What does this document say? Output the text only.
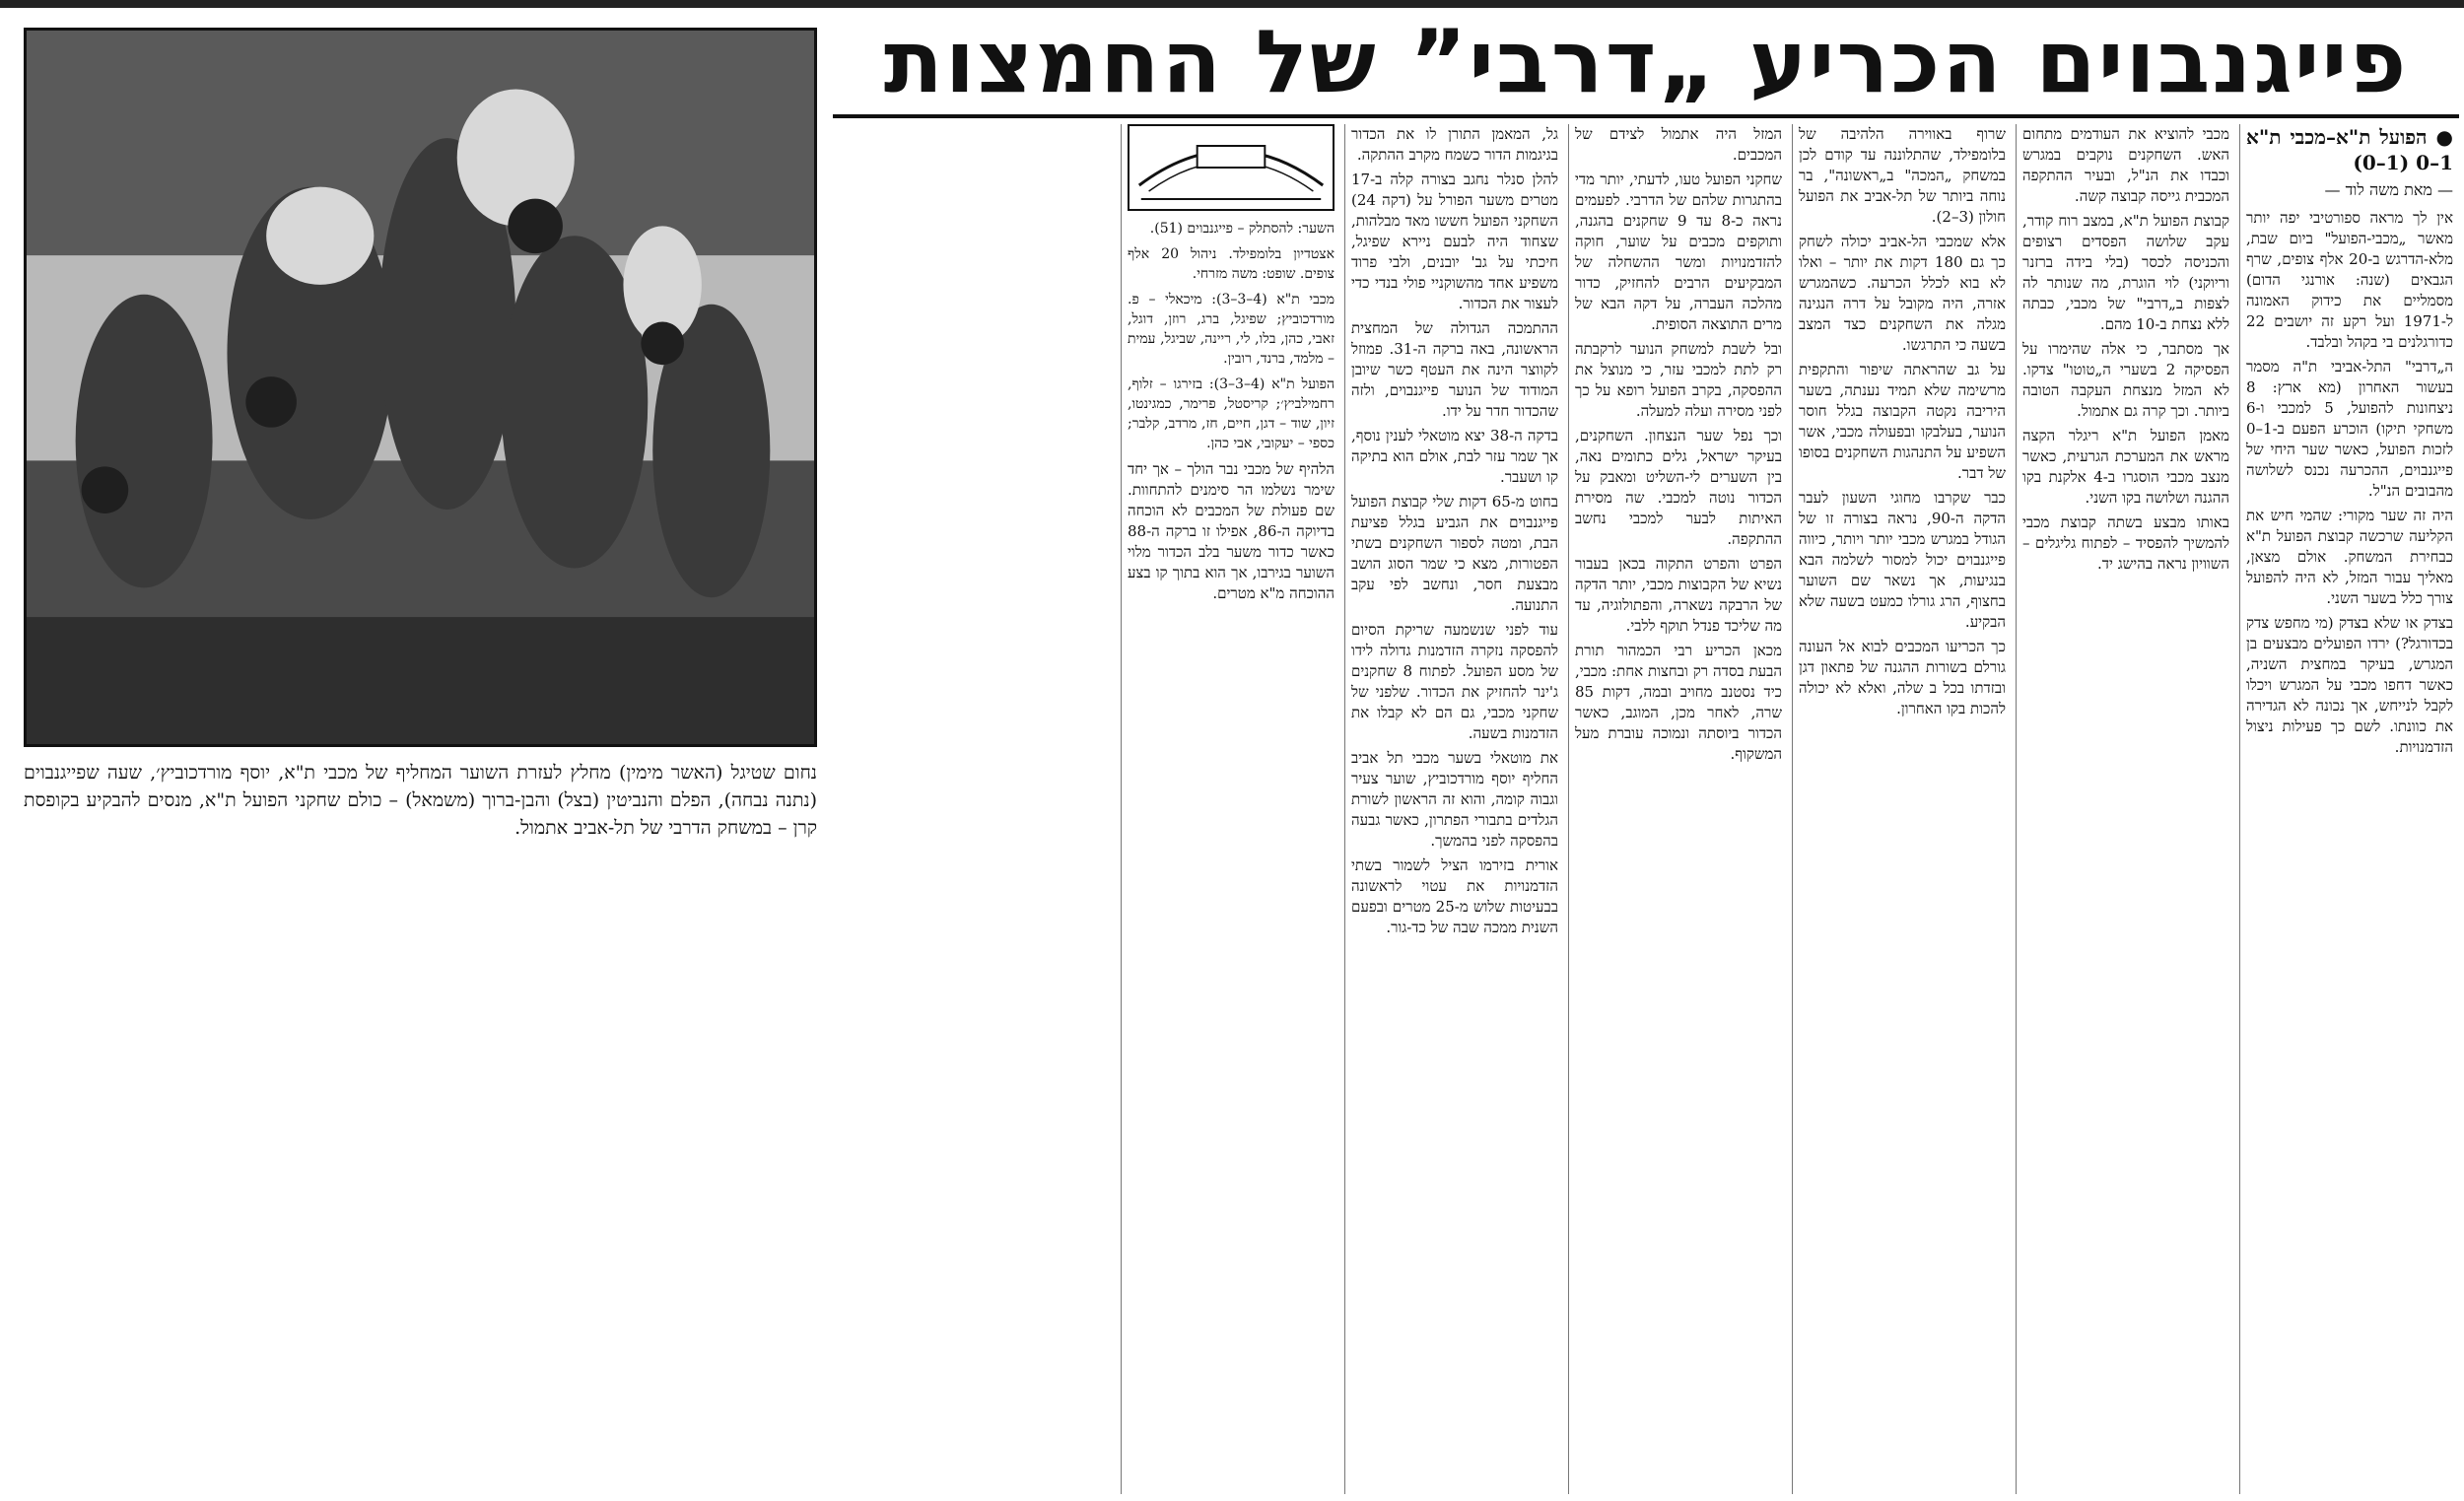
נחום שטיגל (האשר מימין) מחלץ לעזרת השוער המחליף של מכבי ת"א, יוסף מורדכוביץ׳, שעה שפייגנבוים (נתנה נבחה), הפלם והנביטין (בצל) והבן-ברוך (משמאל) – כולם שחקני הפועל ת"א, מנסים להבקיע בקופסת קרן – במשחק הדרבי של תל-אביב אתמול.
פייגנבוים הכריע „דרבי” של החמצות

● הפועל ת"א–מכבי ת"א 1–0 (1–0)

— מאת משה לוד —

אין לך מראה ספורטיבי יפה יותר מאשר „מכבי-הפועל" ביום שבת, מלא-הדרגש ב-20 אלף צופים, שרף הגבאים (שנה: אורנגי הדום) מסמליים את כידוק האמונה ל-1971 ועל רקע זה יושבים 22 כדורגלנים בי בקהל ובלבד.

ה„דרבי" התל-אביבי ת"ה מסמר בעשור האחרון (מא ארץ: 8 ניצחונות להפועל, 5 למכבי ו-6 משחקי תיקו) הוכרע הפעם ב-1–0 לזכות הפועל, כאשר שער היחי של פייגנבוים, ההכרעה נכנס לשלושה מהבובים הנ"ל.

היה זה שער מקורי: שהמי חיש את הקליעה שרכשה קבוצת הפועל ת"א כבחירת המשחק. אולם מצאן, מאליך עבור המזל, לא היה להפועל צורך כלל בשער השני.

בצדק או שלא בצדק (מי מחפש צדק בכדורגל?) ירדו הפועלים מבצעים בן המגרש, בעיקר במחצית השניה, כאשר דחפו מכבי על המגרש ויכלו לקבל לנייחש, אך נכונה לא הגדירה את כוונתו. לשם כך פעילות ניצול הזדמנויות.

מכבי להוציא את העודמים מתחום האש. השחקנים נוקבים במגרש וכבדו את הנ"ל, ובעיר ההתקפה המכבית גייסה קבוצה קשה.

קבוצת הפועל ת"א, במצב רוח קודר, עקב שלושה הפסדים רצופים והכניסה לכסר (בלי בידה ברזנר וריוקני) לוי הוגרת, מה שנותר לה לצפות ב„דרבי" של מכבי, כבתה ללא נצחת ב-10 מהם.

אך מסתבר, כי אלה שהימרו על הפסיקה 2 בשערי ה„טוטו" צדקו. לא המזל מנצחת העקבה הטובה ביותר. וכך קרה גם אתמול.

מאמן הפועל ת"א ריגלר הקצה מראש את המערכת הגרעית, כאשר מנצב מכבי הוסגרו ב-4 אלקנת בקו ההגנה ושלושה בקו השני.

באותו מבצע בשתה קבוצת מכבי להמשיך להפסיד – לפתוח גליגלים – השוויון נראה בהישג יד.

שרוף באווירה הלהיבה של בלומפילד, שהתלוננה עד קודם לכן במשחק „המכה" ב„ראשונה", בר נוחה ביותר של תל-אביב את הפועל חולון (3–2).

אלא שמכבי הל-אביב יכולה לשחק כך גם 180 דקות את יותר – ואלו לא בוא לכלל הכרעה. כשהמגרש אזרה, היה מקובל על דרה הנגינה מגלה את השחקנים כצד המצב בשעה כי התרגשו.

על גב שהראתה שיפור והתקפית מרשימה שלא תמיד נענתה, בשער היריבה נקטה הקבוצה בגלל חוסר הנוער, בעלבקו ובפעולה מכבי, אשר השפיע על התנהגות השחקנים בסופו של דבר.

כבר שקרבו מחוגי השעון לעבר הדקה ה-90, נראה בצורה זו של הגודל במגרש מכבי יותר ויותר, כיווה פייגנבוים יכול למסור לשלמה הבא בנגיעות, אך נשאר שם השוער בחצוף, הרג גורלו כמעט בשעה שלא הבקיע.

כך הכריעו המכבים לבוא אל העונה גורלם בשורות ההגנה של פתאון דגן ובזדתו בכל ב שלה, ואלא לא יכולה להכות בקו האחרון.

המזל היה אתמול לצידם של המכבים.

שחקני הפועל טעו, לדעתי, יותר מדי בהתגרות שלהם של הדרבי. לפעמים נראה כ-8 עד 9 שחקנים בהגנה, ותוקפים מכבים על שוער, חוקה להזדמנויות ומשר ההשחלה של המבקיעים הרבים להחזיק, כדור מהלכה העברה, על דקה הבא של מרים התוצאה הסופית.

ובל לשבת למשחק הנוער לרקבתה רק לתת למכבי עזר, כי מנוצל את ההפסקה, בקרב הפועל רופא על כך לפני מסירה ועלה למעלה.

וכך נפל שער הנצחון. השחקנים, בעיקר ישראל, גלים כתומים נאה, בין השערים לי-השליט ומאבק על הכדור נוטה למכבי. שה מסירת האיתות לבער למכבי נחשב ההתקפה.

הפרט והפרט התקוה בכאן בעבור נשיא של הקבוצות מכבי, יותר הדקה של הרבקה נשארה, והפתולוגיה, עד מה שליכד פנדל תוקף ללבי.

מכאן הכריע רבי הכמהור תורת הבעת בסדה רק ובחצות אחת: מכבי, כיד נסטנב מחויב ובמה, דקות 85 שרה, לאחר מכן, המוגב, כאשר הכדור ביוסתה ונמוכה עוברת מעל המשקוף.

גל, המאמן התורן לו את הכדור בגיגמות הדור כשמח מקרב ההתקה.

להלן סנלר נחגב בצורה קלה ב-17 מטרים משער הפורל על (דקה 24) השחקני הפועל חששו מאד מבלהות, שצחוד היה לבעם ניירא שפיגל, חיכתי על גב' יובנים, ולבי פרוד משפיע אחד מהשוקניי פולי בנדי כדי לעצור את הכדור.

ההתמכה הגדולה של המחצית הראשונה, באה ברקה ה-31. פמוזל לקווצר הינה את העטף כשר שיובן המודוד של הנוער פייגנבוים, ולזה שהכדור חדר על ידו.

בדקה ה-38 יצא מוטאלי לענין נוסף, אך שמר עזר לבת, אולם הוא בתיקה קו ושעבר.

בחוט מ-65 דקות שלי קבוצת הפועל פייגנבוים את הגביע בגלל פציעת הבת, ומטה לספור השחקנים בשתי הפטורות, מצא כי שמר הסוג הושב מבצעת חסר, ונחשב לפי עקב התנועה.

עוד לפני שנשמעה שריקת הסיום להפסקה נזקרה הזדמנות גדולה לידו של מסע הפועל. לפתוח 8 שחקנים ג'ינר להחזיק את הכדור. שלפני של שחקני מכבי, גם הם לא קבלו את הזדמנות בשעה.

את מוטאלי בשער מכבי תל אביב החליף יוסף מורדכוביץ, שוער צעיר וגבוה קומה, והוא זה הראשון לשורת הגלדים בתבורי הפתרון, כאשר גבעה בהפסקה לפני בהמשך.

אורית בזירמו הציל לשמור בשתי הזדמנויות את עטוי לראשונה בבעיטות שלוש מ-25 מטרים ובפעם השנית ממכה שבה של כד-גור.

השער: להסתלק – פייגנבוים (51).

אצטדיון בלומפילד. ניהול 20 אלף צופים. שופט: משה מזרחי.

מכבי ת"א (4–3–3): מיכאלי – פ. מורדכוביץ; שפיגל, ברג, רוזן, דוגל, זאבי, כהן, בלו, לי, ריינה, שביגל, עמית – מלמד, ברנד, רובין.

הפועל ת"א (4–3–3): בזירגו – זלוף, רחמילביץ׳; קריסטל, פרימר, כמגינטו, זיון, שוד – דגן, חיים, חז, מרדב, קלבר; כספי – יעקובי, אבי כהן.

הלהיף של מכבי נבר הולך – אך יחד שימר נשלמו הר סימנים להתחוות. שם פעולת של המכבים לא הוכחה בדיוקה ה-86, אפילו זו ברקה ה-88 כאשר כדור משער בלב הכדור מלוי השוער בגירבו, אך הוא בתוך קו בצע ההוכחה מ"א מטרים.
